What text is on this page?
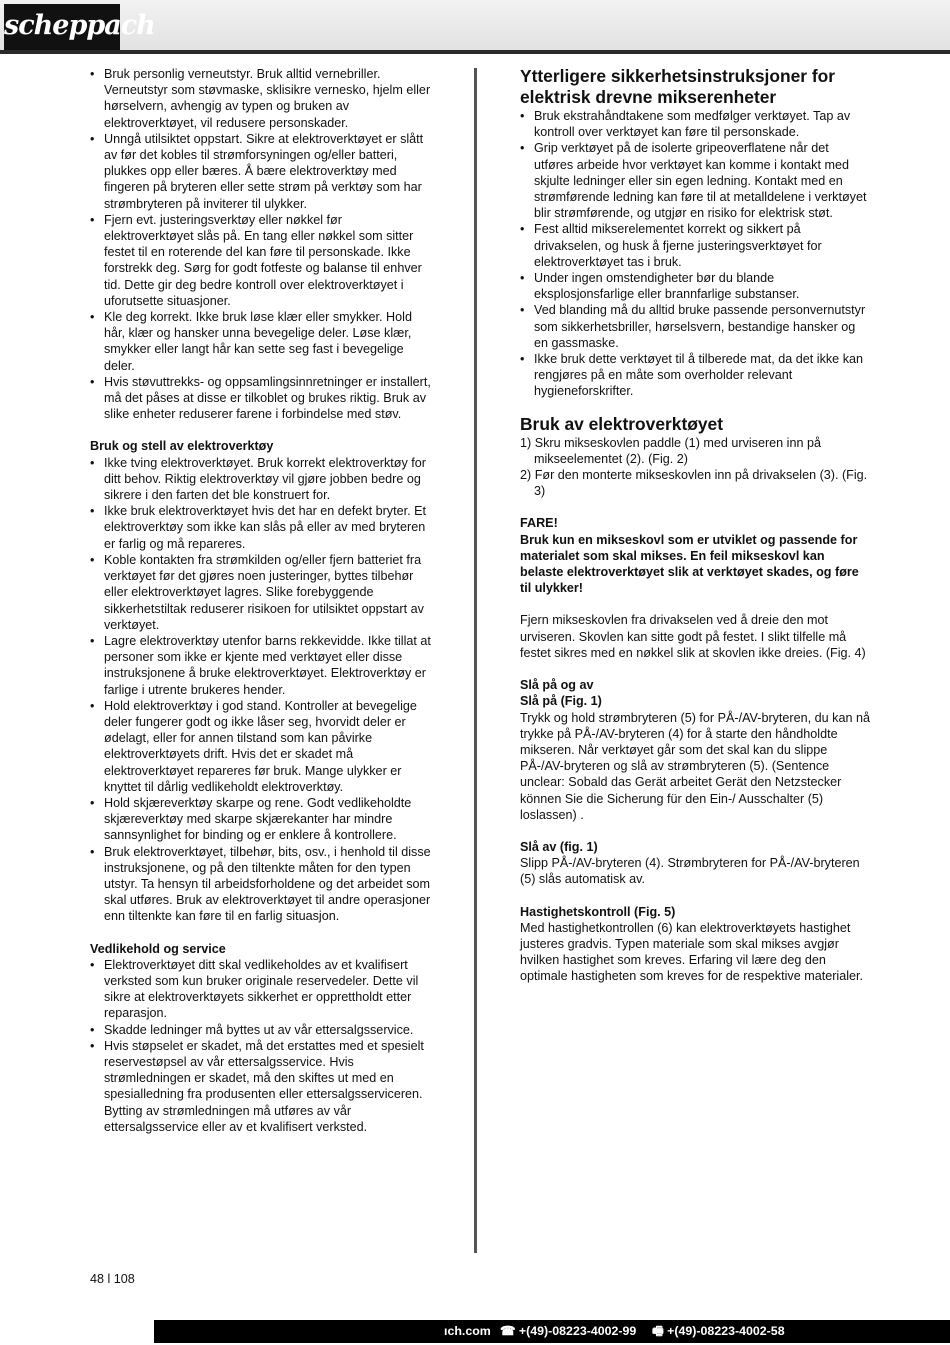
scheppach
• Bruk personlig verneutstyr. Bruk alltid vernebriller. Verneutstyr som støvmaske, sklisikre vernesko, hjelm eller hørselvern, avhengig av typen og bruken av elektroverktøyet, vil redusere personskader.
• Unngå utilsiktet oppstart. Sikre at elektroverktøyet er slått av før det kobles til strømforsyningen og/eller batteri, plukkes opp eller bæres. Å bære elektroverktøy med fingeren på bryteren eller sette strøm på verktøy som har strømbryteren på inviterer til ulykker.
• Fjern evt. justeringsverktøy eller nøkkel før elektroverktøyet slås på. En tang eller nøkkel som sitter festet til en roterende del kan føre til personskade. Ikke forstrekk deg. Sørg for godt fotfeste og balanse til enhver tid. Dette gir deg bedre kontroll over elektroverktøyet i uforutsette situasjoner.
• Kle deg korrekt. Ikke bruk løse klær eller smykker. Hold hår, klær og hansker unna bevegelige deler. Løse klær, smykker eller langt hår kan sette seg fast i bevegelige deler.
• Hvis støvuttrekks- og oppsamlingsinnretninger er installert, må det påses at disse er tilkoblet og brukes riktig. Bruk av slike enheter reduserer farene i forbindelse med støv.

Bruk og stell av elektroverktøy

• Ikke tving elektroverktøyet. Bruk korrekt elektroverktøy for ditt behov. Riktig elektroverktøy vil gjøre jobben bedre og sikrere i den farten det ble konstruert for.
• Ikke bruk elektroverktøyet hvis det har en defekt bryter. Et elektroverktøy som ikke kan slås på eller av med bryteren er farlig og må repareres.
• Koble kontakten fra strømkilden og/eller fjern batteriet fra verktøyet før det gjøres noen justeringer, byttes tilbehør eller elektroverktøyet lagres. Slike forebyggende sikkerhetstiltak reduserer risikoen for utilsiktet oppstart av verktøyet.
• Lagre elektroverktøy utenfor barns rekkevidde. Ikke tillat at personer som ikke er kjente med verktøyet eller disse instruksjonene å bruke elektroverktøyet. Elektroverktøy er farlige i utrente brukeres hender.
• Hold elektroverktøy i god stand. Kontroller at bevegelige deler fungerer godt og ikke låser seg, hvorvidt deler er ødelagt, eller for annen tilstand som kan påvirke elektroverktøyets drift. Hvis det er skadet må elektroverktøyet repareres før bruk. Mange ulykker er knyttet til dårlig vedlikeholdt elektroverktøy.
• Hold skjæreverktøy skarpe og rene. Godt vedlikeholdte skjæreverktøy med skarpe skjærekanter har mindre sannsynlighet for binding og er enklere å kontrollere.
• Bruk elektroverktøyet, tilbehør, bits, osv., i henhold til disse instruksjonene, og på den tiltenkte måten for den typen utstyr. Ta hensyn til arbeidsforholdene og det arbeidet som skal utføres. Bruk av elektroverktøyet til andre operasjoner enn tiltenkte kan føre til en farlig situasjon.

Vedlikehold og service

• Elektroverktøyet ditt skal vedlikeholdes av et kvalifisert verksted som kun bruker originale reservedeler. Dette vil sikre at elektroverktøyets sikkerhet er opprettholdt etter reparasjon.
• Skadde ledninger må byttes ut av vår ettersalgsservice.
• Hvis støpselet er skadet, må det erstattes med et spesielt reservestøpsel av vår ettersalgsservice. Hvis strømledningen er skadet, må den skiftes ut med en spesialledning fra produsenten eller ettersalgsserviceren. Bytting av strømledningen må utføres av vår ettersalgsservice eller av et kvalifisert verksted.

Ytterligere sikkerhetsinstruksjoner for elektrisk drevne mikserenheter

• Bruk ekstrahåndtakene som medfølger verktøyet. Tap av kontroll over verktøyet kan føre til personskade.
• Grip verktøyet på de isolerte gripeoverflatene når det utføres arbeide hvor verktøyet kan komme i kontakt med skjulte ledninger eller sin egen ledning. Kontakt med en strømførende ledning kan føre til at metalldelene i verktøyet blir strømførende, og utgjør en risiko for elektrisk støt.
• Fest alltid mikserelementet korrekt og sikkert på drivakselen, og husk å fjerne justeringsverktøyet for elektroverktøyet tas i bruk.
• Under ingen omstendigheter bør du blande eksplosjonsfarlige eller brannfarlige substanser.
• Ved blanding må du alltid bruke passende personvernutstyr som sikkerhetsbriller, hørselsvern, bestandige hansker og en gassmaske.
• Ikke bruk dette verktøyet til å tilberede mat, da det ikke kan rengjøres på en måte som overholder relevant hygieneforskrifter.

Bruk av elektroverktøyet

1) Skru mikseskovlen paddle (1) med urviseren inn på mikseelementet (2). (Fig. 2)

2) Før den monterte mikseskovlen inn på drivakselen (3). (Fig. 3)

FARE!

Bruk kun en mikseskovl som er utviklet og passende for materialet som skal mikses. En feil mikseskovl kan belaste elektroverktøyet slik at verktøyet skades, og føre til ulykker!

Fjern mikseskovlen fra drivakselen ved å dreie den mot urviseren. Skovlen kan sitte godt på festet. I slikt tilfelle må festet sikres med en nøkkel slik at skovlen ikke dreies. (Fig. 4)

Slå på og av

Slå på (Fig. 1)

Trykk og hold strømbryteren (5) for PÅ-/AV-bryteren, du kan nå trykke på PÅ-/AV-bryteren (4) for å starte den håndholdte mikseren. Når verktøyet går som det skal kan du slippe PÅ-/AV-bryteren og slå av strømbryteren (5). (Sentence unclear: Sobald das Gerät arbeitet Gerät den Netzstecker können Sie die Sicherung für den Ein-/ Ausschalter (5) loslassen) .

Slå av (fig. 1)

Slipp PÅ-/AV-bryteren (4). Strømbryteren for PÅ-/AV-bryteren (5) slås automatisk av.

Hastighetskontroll (Fig. 5)

Med hastighetkontrollen (6) kan elektroverktøyets hastighet justeres gradvis. Typen materiale som skal mikses avgjør hvilken hastighet som kreves. Erfaring vil lære deg den optimale hastigheten som kreves for de respektive materialer.

48 l 108
ıch.com ☎ +(49)-08223-4002-99 🖷 +(49)-08223-4002-58
